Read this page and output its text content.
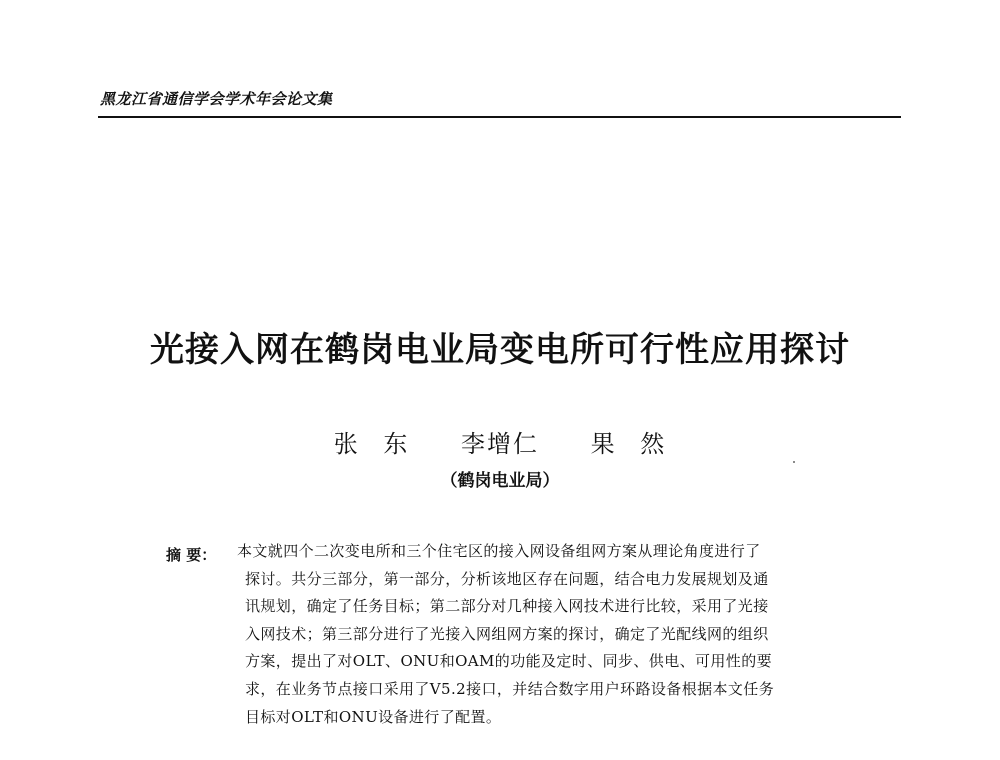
黑龙江省通信学会学术年会论文集
光接入网在鹤岗电业局变电所可行性应用探讨
张 东 李增仁 果 然
（鹤岗电业局）
摘 要： 本文就四个二次变电所和三个住宅区的接入网设备组网方案从理论角度进行了
探讨。共分三部分，第一部分，分析该地区存在问题，结合电力发展规划及通
讯规划，确定了任务目标；第二部分对几种接入网技术进行比较，采用了光接
入网技术；第三部分进行了光接入网组网方案的探讨，确定了光配线网的组织
方案，提出了对OLT、ONU和OAM的功能及定时、同步、供电、可用性的要
求，在业务节点接口采用了V5.2接口，并结合数字用户环路设备根据本文任务
目标对OLT和ONU设备进行了配置。
